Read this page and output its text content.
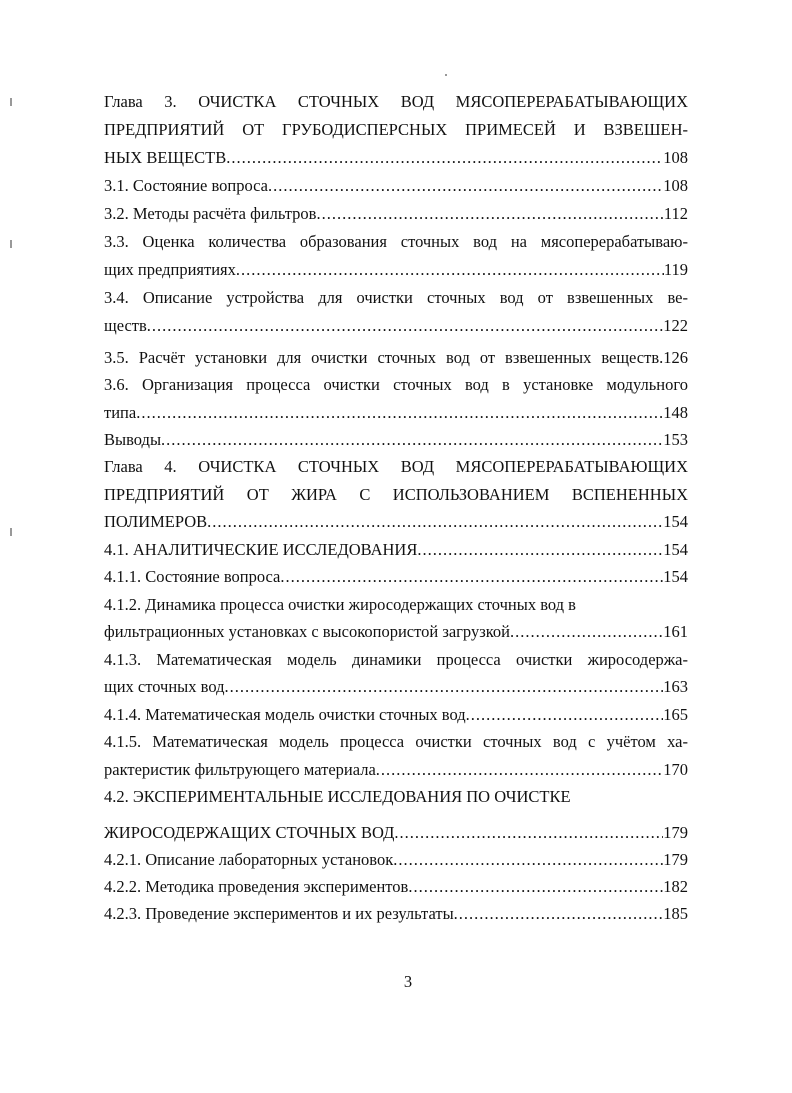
Глава 3. ОЧИСТКА СТОЧНЫХ ВОД МЯСОПЕРЕРАБАТЫВАЮЩИХ
ПРЕДПРИЯТИЙ ОТ ГРУБОДИСПЕРСНЫХ ПРИМЕСЕЙ И ВЗВЕШЕН-
НЫХ ВЕЩЕСТВ .....	108
3.1. Состояние вопроса .....	108
3.2. Методы расчёта фильтров .....	112
3.3. Оценка количества образования сточных вод на мясоперерабатываю-
щих предприятиях .....	119
3.4. Описание устройства для очистки сточных вод от взвешенных ве-
ществ .....	122
3.5. Расчёт установки для очистки сточных вод от взвешенных веществ.126
3.6. Организация процесса очистки сточных вод в установке модульного
типа .....	148
Выводы .....	153
Глава 4. ОЧИСТКА СТОЧНЫХ ВОД МЯСОПЕРЕРАБАТЫВАЮЩИХ
ПРЕДПРИЯТИЙ ОТ ЖИРА С ИСПОЛЬЗОВАНИЕМ ВСПЕНЕННЫХ
ПОЛИМЕРОВ .....	154
4.1. АНАЛИТИЧЕСКИЕ ИССЛЕДОВАНИЯ .....	154
4.1.1. Состояние вопроса .....	154
4.1.2. Динамика процесса очистки жиросодержащих сточных вод в
фильтрационных установках с высокопористой загрузкой .....	161
4.1.3. Математическая модель динамики процесса очистки жиросодержа-
щих сточных вод .....	163
4.1.4. Математическая модель очистки сточных вод .....	165
4.1.5. Математическая модель процесса очистки сточных вод с учётом ха-
рактеристик фильтрующего материала .....	170
4.2. ЭКСПЕРИМЕНТАЛЬНЫЕ ИССЛЕДОВАНИЯ ПО ОЧИСТКЕ
ЖИРОСОДЕРЖАЩИХ СТОЧНЫХ ВОД .....	179
4.2.1. Описание лабораторных установок .....	179
4.2.2. Методика проведения экспериментов .....	182
4.2.3. Проведение экспериментов и их результаты .....	185
3
